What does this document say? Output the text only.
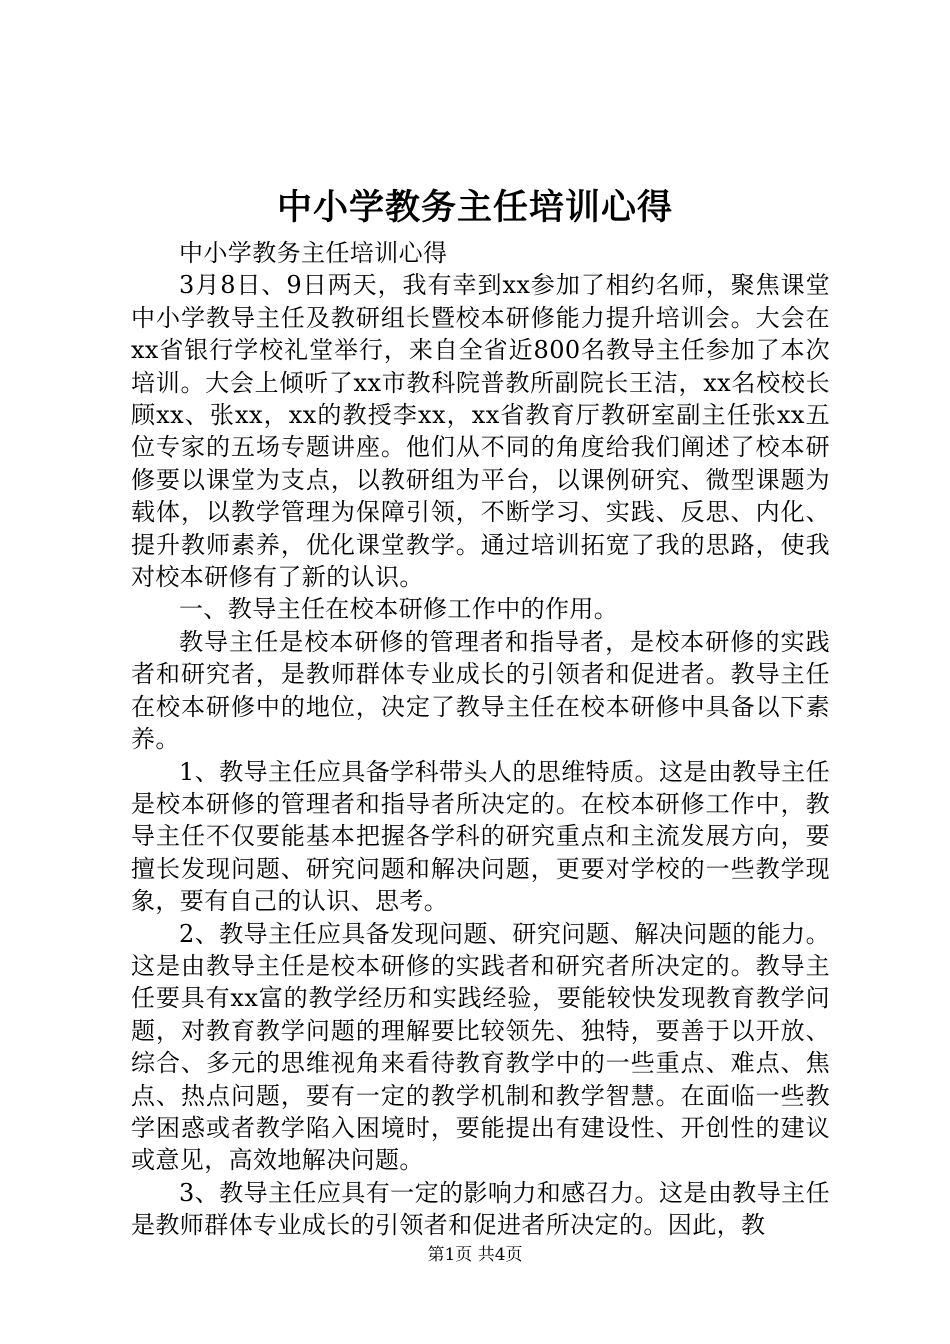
中小学教务主任培训心得

中小学教务主任培训心得

3月8日、9日两天，我有幸到xx参加了相约名师，聚焦课堂中小学教导主任及教研组长暨校本研修能力提升培训会。大会在xx省银行学校礼堂举行，来自全省近800名教导主任参加了本次培训。大会上倾听了xx市教科院普教所副院长王洁，xx名校校长顾xx、张xx，xx的教授李xx，xx省教育厅教研室副主任张xx五位专家的五场专题讲座。他们从不同的角度给我们阐述了校本研修要以课堂为支点，以教研组为平台，以课例研究、微型课题为载体，以教学管理为保障引领，不断学习、实践、反思、内化、提升教师素养，优化课堂教学。通过培训拓宽了我的思路，使我对校本研修有了新的认识。

一、教导主任在校本研修工作中的作用。

教导主任是校本研修的管理者和指导者，是校本研修的实践者和研究者，是教师群体专业成长的引领者和促进者。教导主任在校本研修中的地位，决定了教导主任在校本研修中具备以下素养。

1、教导主任应具备学科带头人的思维特质。这是由教导主任是校本研修的管理者和指导者所决定的。在校本研修工作中，教导主任不仅要能基本把握各学科的研究重点和主流发展方向，要擅长发现问题、研究问题和解决问题，更要对学校的一些教学现象，要有自己的认识、思考。

2、教导主任应具备发现问题、研究问题、解决问题的能力。这是由教导主任是校本研修的实践者和研究者所决定的。教导主任要具有xx富的教学经历和实践经验，要能较快发现教育教学问题，对教育教学问题的理解要比较领先、独特，要善于以开放、综合、多元的思维视角来看待教育教学中的一些重点、难点、焦点、热点问题，要有一定的教学机制和教学智慧。在面临一些教学困惑或者教学陷入困境时，要能提出有建设性、开创性的建议或意见，高效地解决问题。

3、教导主任应具有一定的影响力和感召力。这是由教导主任是教师群体专业成长的引领者和促进者所决定的。因此，教

第1页 共4页
